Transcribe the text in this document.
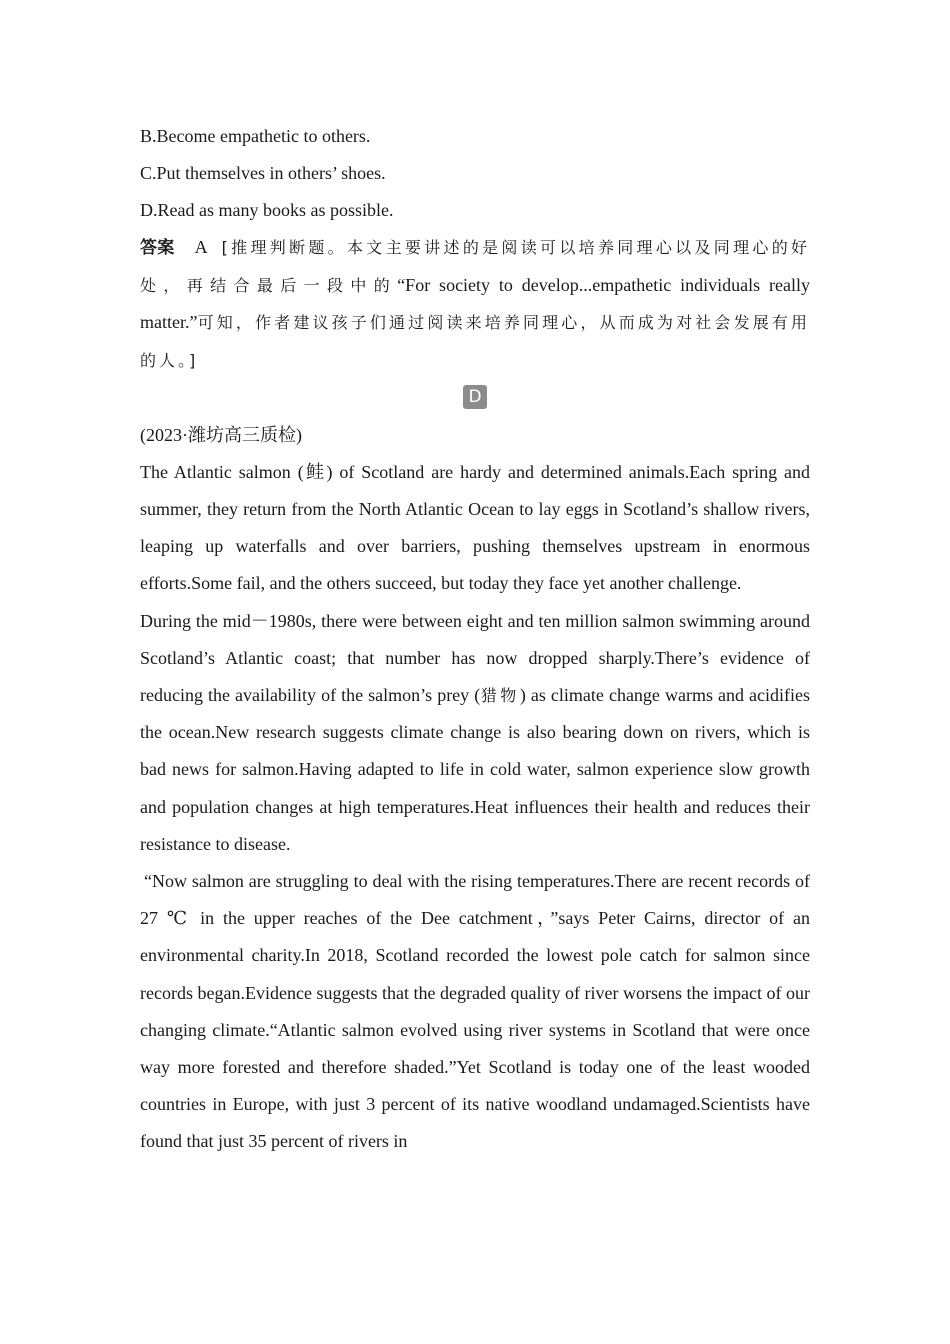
B.Become empathetic to others.

C.Put themselves in others’ shoes.

D.Read as many books as possible.

答案 A [推理判断题。本文主要讲述的是阅读可以培养同理心以及同理心的好处，再结合最后一段中的“For society to develop...empathetic individuals really matter.”可知，作者建议孩子们通过阅读来培养同理心，从而成为对社会发展有用的人。]

D

(2023·潍坊高三质检)

The Atlantic salmon (鲑) of Scotland are hardy and determined animals.Each spring and summer, they return from the North Atlantic Ocean to lay eggs in Scotland’s shallow rivers, leaping up waterfalls and over barriers, pushing themselves upstream in enormous efforts.Some fail, and the others succeed, but today they face yet another challenge.

During the mid－1980s, there were between eight and ten million salmon swimming around Scotland’s Atlantic coast; that number has now dropped sharply.There’s evidence of reducing the availability of the salmon’s prey (猎物) as climate change warms and acidifies the ocean.New research suggests climate change is also bearing down on rivers, which is bad news for salmon.Having adapted to life in cold water, salmon experience slow growth and population changes at high temperatures.Heat influences their health and reduces their resistance to disease.

“Now salmon are struggling to deal with the rising temperatures.There are recent records of 27 ℃ in the upper reaches of the Dee catchment，”says Peter Cairns, director of an environmental charity.In 2018, Scotland recorded the lowest pole catch for salmon since records began.Evidence suggests that the degraded quality of river worsens the impact of our changing climate.“Atlantic salmon evolved using river systems in Scotland that were once way more forested and therefore shaded.”Yet Scotland is today one of the least wooded countries in Europe, with just 3 percent of its native woodland undamaged.Scientists have found that just 35 percent of rivers in
